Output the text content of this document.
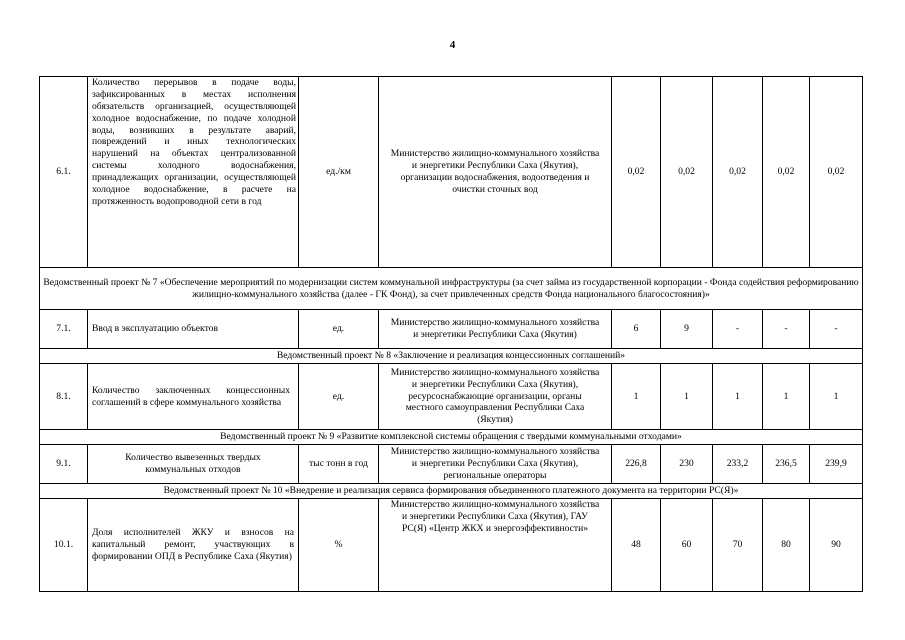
4
6.1.	Количество перерывов в подаче воды, зафиксированных в местах исполнения обязательств организацией, осуществляющей холодное водоснабжение, по подаче холодной воды, возникших в результате аварий, повреждений и иных технологических нарушений на объектах централизованной системы холодного водоснабжения, принадлежащих организации, осуществляющей холодное водоснабжение, в расчете на протяженность водопроводной сети в год	ед./км	Министерство жилищно-коммунального хозяйства и энергетики Республики Саха (Якутия), организации водоснабжения, водоотведения и очистки сточных вод	0,02	0,02	0,02	0,02	0,02
Ведомственный проект № 7 «Обеспечение мероприятий по модернизации систем коммунальной инфраструктуры (за счет займа из государственной корпорации - Фонда содействия реформированию жилищно-коммунального хозяйства (далее - ГК Фонд), за счет привлеченных средств Фонда национального благосостояния)»								
7.1.	Ввод в эксплуатацию объектов	ед.	Министерство жилищно-коммунального хозяйства и энергетики Республики Саха (Якутия)	6	9	-	-	-
Ведомственный проект № 8 «Заключение и реализация концессионных соглашений»								
8.1.	Количество заключенных концессионных соглашений в сфере коммунального хозяйства	ед.	Министерство жилищно-коммунального хозяйства и энергетики Республики Саха (Якутия), ресурсоснабжающие организации, органы местного самоуправления Республики Саха (Якутия)	1	1	1	1	1
Ведомственный проект № 9 «Развитие комплексной системы обращения с твердыми коммунальными отходами»								
9.1.	Количество вывезенных твердых коммунальных отходов	тыс тонн в год	Министерство жилищно-коммунального хозяйства и энергетики Республики Саха (Якутия), региональные операторы	226,8	230	233,2	236,5	239,9
Ведомственный проект № 10 «Внедрение и реализация сервиса формирования объединенного платежного документа на территории РС(Я)»								
10.1.	Доля исполнителей ЖКУ и взносов на капитальный ремонт, участвующих в формировании ОПД в Республике Саха (Якутия)	%	Министерство жилищно-коммунального хозяйства и энергетики Республики Саха (Якутия), ГАУ РС(Я) «Центр ЖКХ и энергоэффективности»	48	60	70	80	90
